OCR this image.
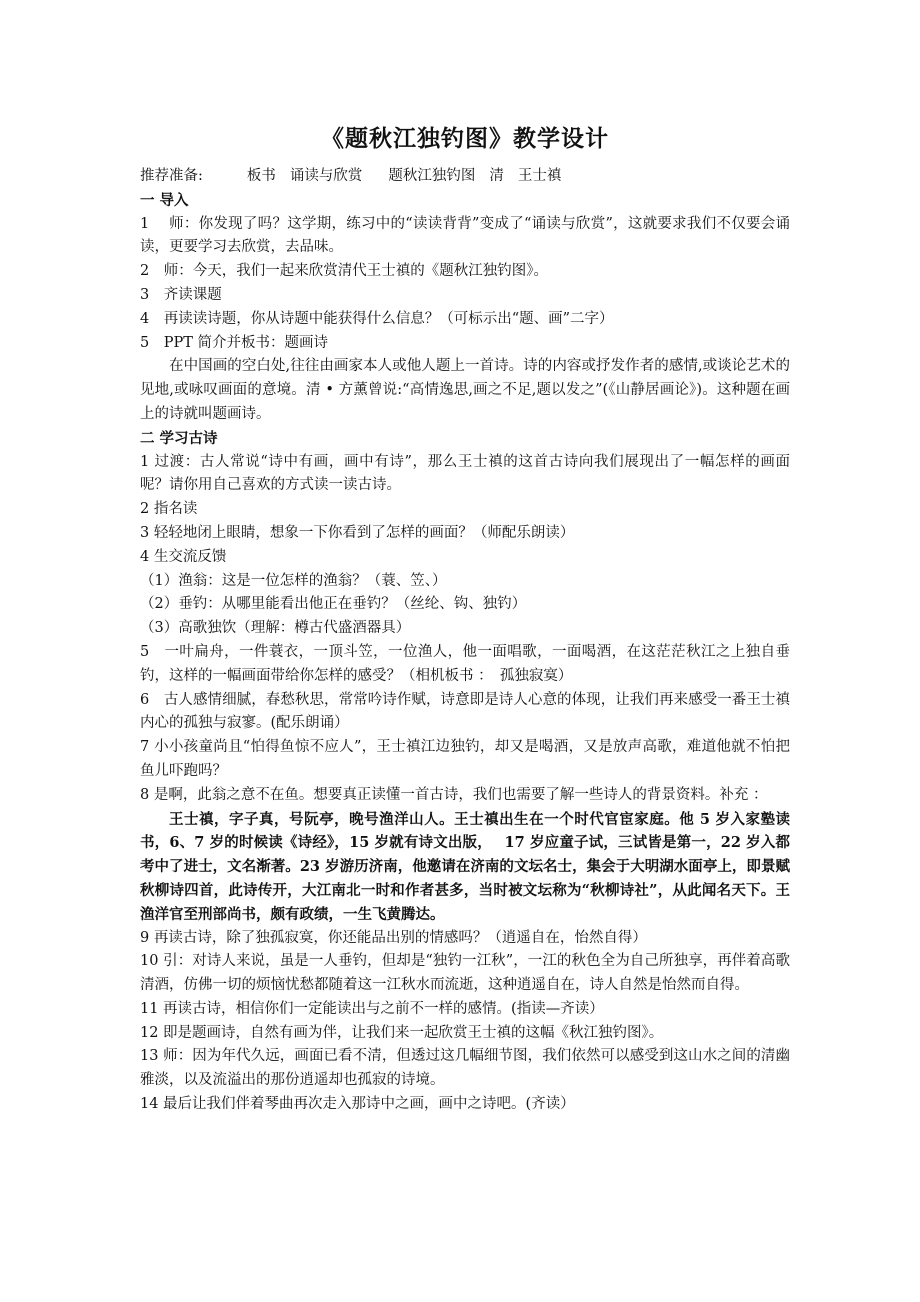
《题秋江独钓图》教学设计

推荐准备:	板书 诵读与欣赏 题秋江独钓图 清 王士禛

一 导入

1　 师：你发现了吗？这学期，练习中的“读读背背”变成了“诵读与欣赏”，这就要求我们不仅要会诵读，更要学习去欣赏，去品味。

2　师：今天，我们一起来欣赏清代王士禛的《题秋江独钓图》。

3　齐读课题

4　再读读诗题，你从诗题中能获得什么信息？（可标示出“题、画”二字）

5　PPT 简介并板书：题画诗

在中国画的空白处,往往由画家本人或他人题上一首诗。诗的内容或抒发作者的感情,或谈论艺术的见地,或咏叹画面的意境。清 • 方薰曾说:“高情逸思,画之不足,题以发之”(《山静居画论》)。这种题在画上的诗就叫题画诗。

二 学习古诗

1 过渡：古人常说“诗中有画，画中有诗”，那么王士禛的这首古诗向我们展现出了一幅怎样的画面呢？请你用自己喜欢的方式读一读古诗。

2 指名读

3 轻轻地闭上眼睛，想象一下你看到了怎样的画面？（师配乐朗读）

4 生交流反馈

（1）渔翁：这是一位怎样的渔翁？（蓑、笠、）

（2）垂钓：从哪里能看出他正在垂钓？（丝纶、钩、独钓）

（3）高歌独饮（理解：樽古代盛酒器具）

5　一叶扁舟，一件蓑衣，一顶斗笠，一位渔人，他一面唱歌，一面喝酒，在这茫茫秋江之上独自垂钓，这样的一幅画面带给你怎样的感受？（相机板书 ：　孤独寂寞）

6　古人感情细腻，春愁秋思，常常吟诗作赋，诗意即是诗人心意的体现，让我们再来感受一番王士禛内心的孤独与寂寥。(配乐朗诵）

7 小小孩童尚且“怕得鱼惊不应人”，王士禛江边独钓，却又是喝酒，又是放声高歌，难道他就不怕把鱼儿吓跑吗？

8 是啊，此翁之意不在鱼。想要真正读懂一首古诗，我们也需要了解一些诗人的背景资料。补充 ：

王士禛，字子真，号阮亭，晚号渔洋山人。王士禛出生在一个时代官宦家庭。他 5 岁入家塾读书，6、7 岁的时候读《诗经》，15 岁就有诗文出版，　 17 岁应童子试，三试皆是第一，22 岁入都考中了进士，文名渐著。23 岁游历济南，他邀请在济南的文坛名士，集会于大明湖水面亭上，即景赋秋柳诗四首，此诗传开，大江南北一时和作者甚多，当时被文坛称为“秋柳诗社”，从此闻名天下。王渔洋官至刑部尚书，颇有政绩，一生飞黄腾达。

9 再读古诗，除了独孤寂寞，你还能品出别的情感吗？（逍遥自在，怡然自得）

10 引：对诗人来说，虽是一人垂钓，但却是“独钓一江秋”，一江的秋色全为自己所独享，再伴着高歌清酒，仿佛一切的烦恼忧愁都随着这一江秋水而流逝，这种逍遥自在，诗人自然是怡然而自得。

11 再读古诗，相信你们一定能读出与之前不一样的感情。(指读—齐读）

12 即是题画诗，自然有画为伴，让我们来一起欣赏王士禛的这幅《秋江独钓图》。

13 师：因为年代久远，画面已看不清，但透过这几幅细节图，我们依然可以感受到这山水之间的清幽雅淡，以及流溢出的那份逍遥却也孤寂的诗境。

14 最后让我们伴着琴曲再次走入那诗中之画，画中之诗吧。(齐读）
